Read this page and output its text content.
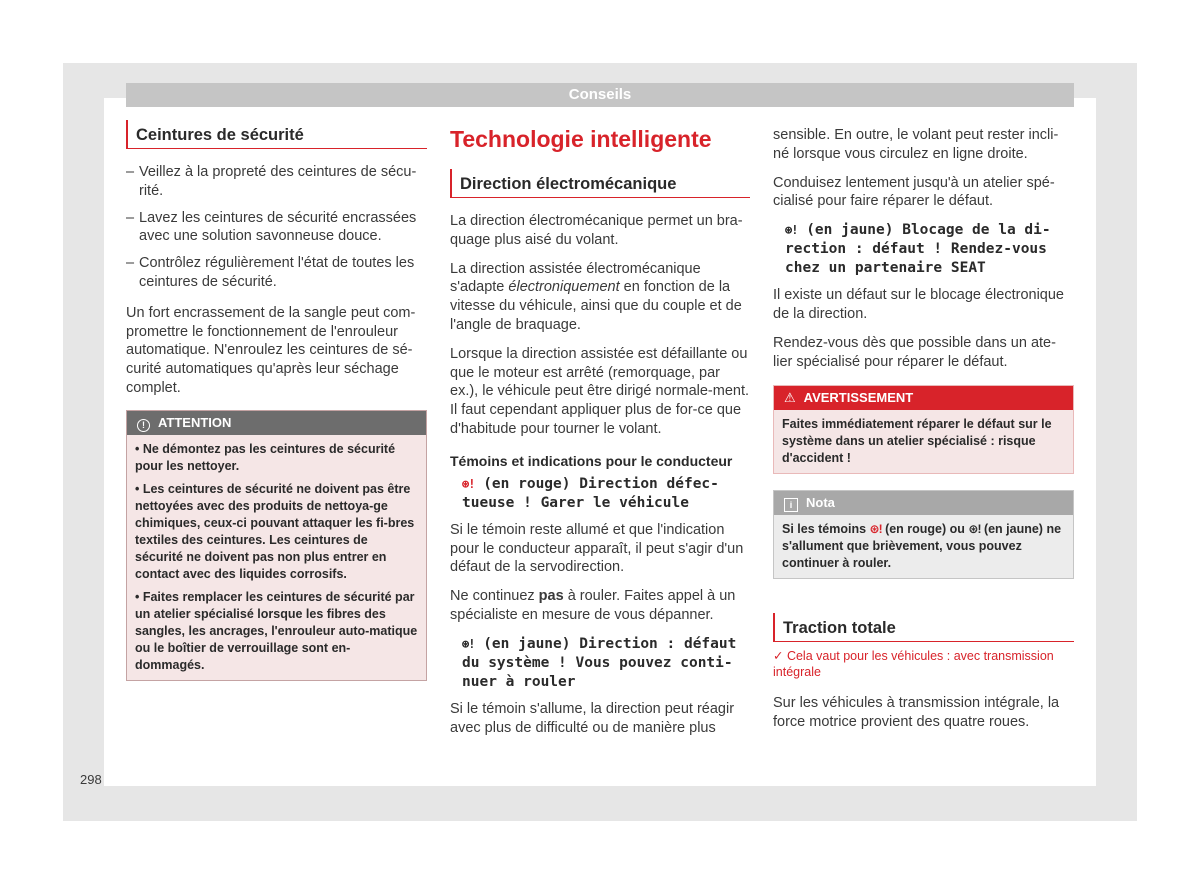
Conseils
Ceintures de sécurité
– Veillez à la propreté des ceintures de sécu-rité.
– Lavez les ceintures de sécurité encrassées avec une solution savonneuse douce.
– Contrôlez régulièrement l'état de toutes les ceintures de sécurité.

Un fort encrassement de la sangle peut com-promettre le fonctionnement de l'enrouleur automatique. N'enroulez les ceintures de sé-curité automatiques qu'après leur séchage complet.

! ATTENTION
• Ne démontez pas les ceintures de sécurité pour les nettoyer.
• Les ceintures de sécurité ne doivent pas être nettoyées avec des produits de nettoya-ge chimiques, ceux-ci pouvant attaquer les fi-bres textiles des ceintures. Les ceintures de sécurité ne doivent pas non plus entrer en contact avec des liquides corrosifs.
• Faites remplacer les ceintures de sécurité par un atelier spécialisé lorsque les fibres des sangles, les ancrages, l'enrouleur auto-matique ou le boîtier de verrouillage sont en-dommagés.
Technologie intelligente
Direction électromécanique

La direction électromécanique permet un bra-quage plus aisé du volant.

La direction assistée électromécanique s'adapte électroniquement en fonction de la vitesse du véhicule, ainsi que du couple et de l'angle de braquage.

Lorsque la direction assistée est défaillante ou que le moteur est arrêté (remorquage, par ex.), le véhicule peut être dirigé normale-ment. Il faut cependant appliquer plus de for-ce que d'habitude pour tourner le volant.

Témoins et indications pour le conducteur
⊛! (en rouge) Direction défec-tueuse ! Garer le véhicule

Si le témoin reste allumé et que l'indication pour le conducteur apparaît, il peut s'agir d'un défaut de la servodirection.

Ne continuez pas à rouler. Faites appel à un spécialiste en mesure de vous dépanner.

⊛! (en jaune) Direction : défaut du système ! Vous pouvez conti-nuer à rouler

Si le témoin s'allume, la direction peut réagir avec plus de difficulté ou de manière plus

sensible. En outre, le volant peut rester incli-né lorsque vous circulez en ligne droite.

Conduisez lentement jusqu'à un atelier spé-cialisé pour faire réparer le défaut.

⊛! (en jaune) Blocage de la di-rection : défaut ! Rendez-vous chez un partenaire SEAT

Il existe un défaut sur le blocage électronique de la direction.

Rendez-vous dès que possible dans un ate-lier spécialisé pour réparer le défaut.

⚠ AVERTISSEMENT
Faites immédiatement réparer le défaut sur le système dans un atelier spécialisé : risque d'accident !
i Nota
Si les témoins ⊛! (en rouge) ou ⊛! (en jaune) ne s'allument que brièvement, vous pouvez continuer à rouler.
Traction totale
✓ Cela vaut pour les véhicules : avec transmission intégrale

Sur les véhicules à transmission intégrale, la force motrice provient des quatre roues.

298
